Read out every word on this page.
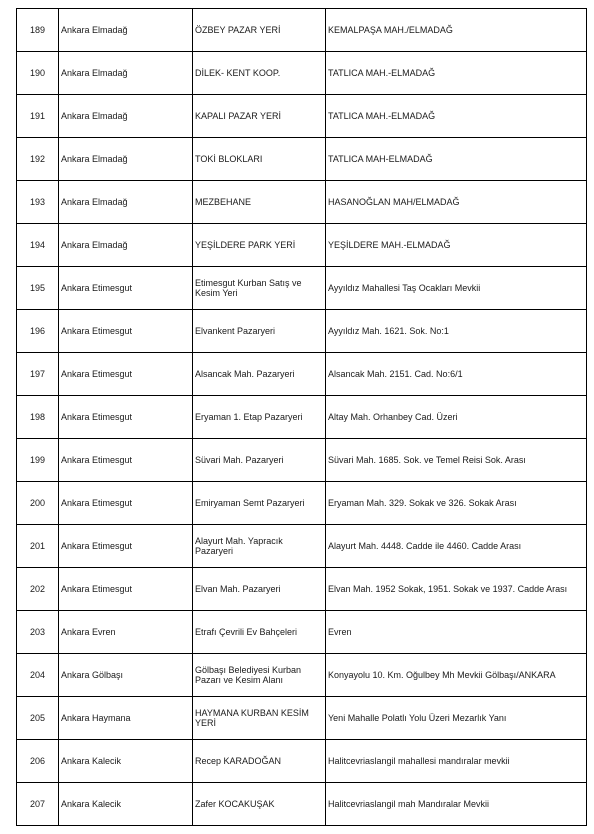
189	Ankara Elmadağ	ÖZBEY PAZAR YERİ	KEMALPAŞA MAH./ELMADAĞ
190	Ankara Elmadağ	DİLEK- KENT KOOP.	TATLICA MAH.-ELMADAĞ
191	Ankara Elmadağ	KAPALI PAZAR YERİ	TATLICA MAH.-ELMADAĞ
192	Ankara Elmadağ	TOKİ BLOKLARI	TATLICA MAH-ELMADAĞ
193	Ankara Elmadağ	MEZBEHANE	HASANOĞLAN MAH/ELMADAĞ
194	Ankara Elmadağ	YEŞİLDERE PARK YERİ	YEŞİLDERE MAH.-ELMADAĞ
195	Ankara Etimesgut	Etimesgut Kurban Satış ve Kesim Yeri	Ayyıldız Mahallesi Taş Ocakları Mevkii
196	Ankara Etimesgut	Elvankent Pazaryeri	Ayyıldız Mah. 1621. Sok. No:1
197	Ankara Etimesgut	Alsancak Mah. Pazaryeri	Alsancak Mah. 2151. Cad. No:6/1
198	Ankara Etimesgut	Eryaman 1. Etap Pazaryeri	Altay Mah. Orhanbey Cad. Üzeri
199	Ankara Etimesgut	Süvari Mah. Pazaryeri	Süvari Mah. 1685. Sok. ve Temel Reisi Sok. Arası
200	Ankara Etimesgut	Emiryaman Semt Pazaryeri	Eryaman Mah. 329. Sokak ve 326. Sokak Arası
201	Ankara Etimesgut	Alayurt Mah. Yapracık Pazaryeri	Alayurt Mah. 4448. Cadde ile 4460. Cadde Arası
202	Ankara Etimesgut	Elvan Mah. Pazaryeri	Elvan Mah. 1952 Sokak, 1951. Sokak ve 1937. Cadde Arası
203	Ankara Evren	Etrafı Çevrili Ev Bahçeleri	Evren
204	Ankara Gölbaşı	Gölbaşı Belediyesi Kurban Pazarı ve Kesim Alanı	Konyayolu 10. Km. Oğulbey Mh Mevkii Gölbaşı/ANKARA
205	Ankara Haymana	HAYMANA KURBAN KESİM YERİ	Yeni Mahalle Polatlı Yolu Üzeri Mezarlık Yanı
206	Ankara Kalecik	Recep KARADOĞAN	Halitcevriaslangil mahallesi mandıralar mevkii
207	Ankara Kalecik	Zafer KOCAKUŞAK	Halitcevriaslangil mah Mandıralar Mevkii
